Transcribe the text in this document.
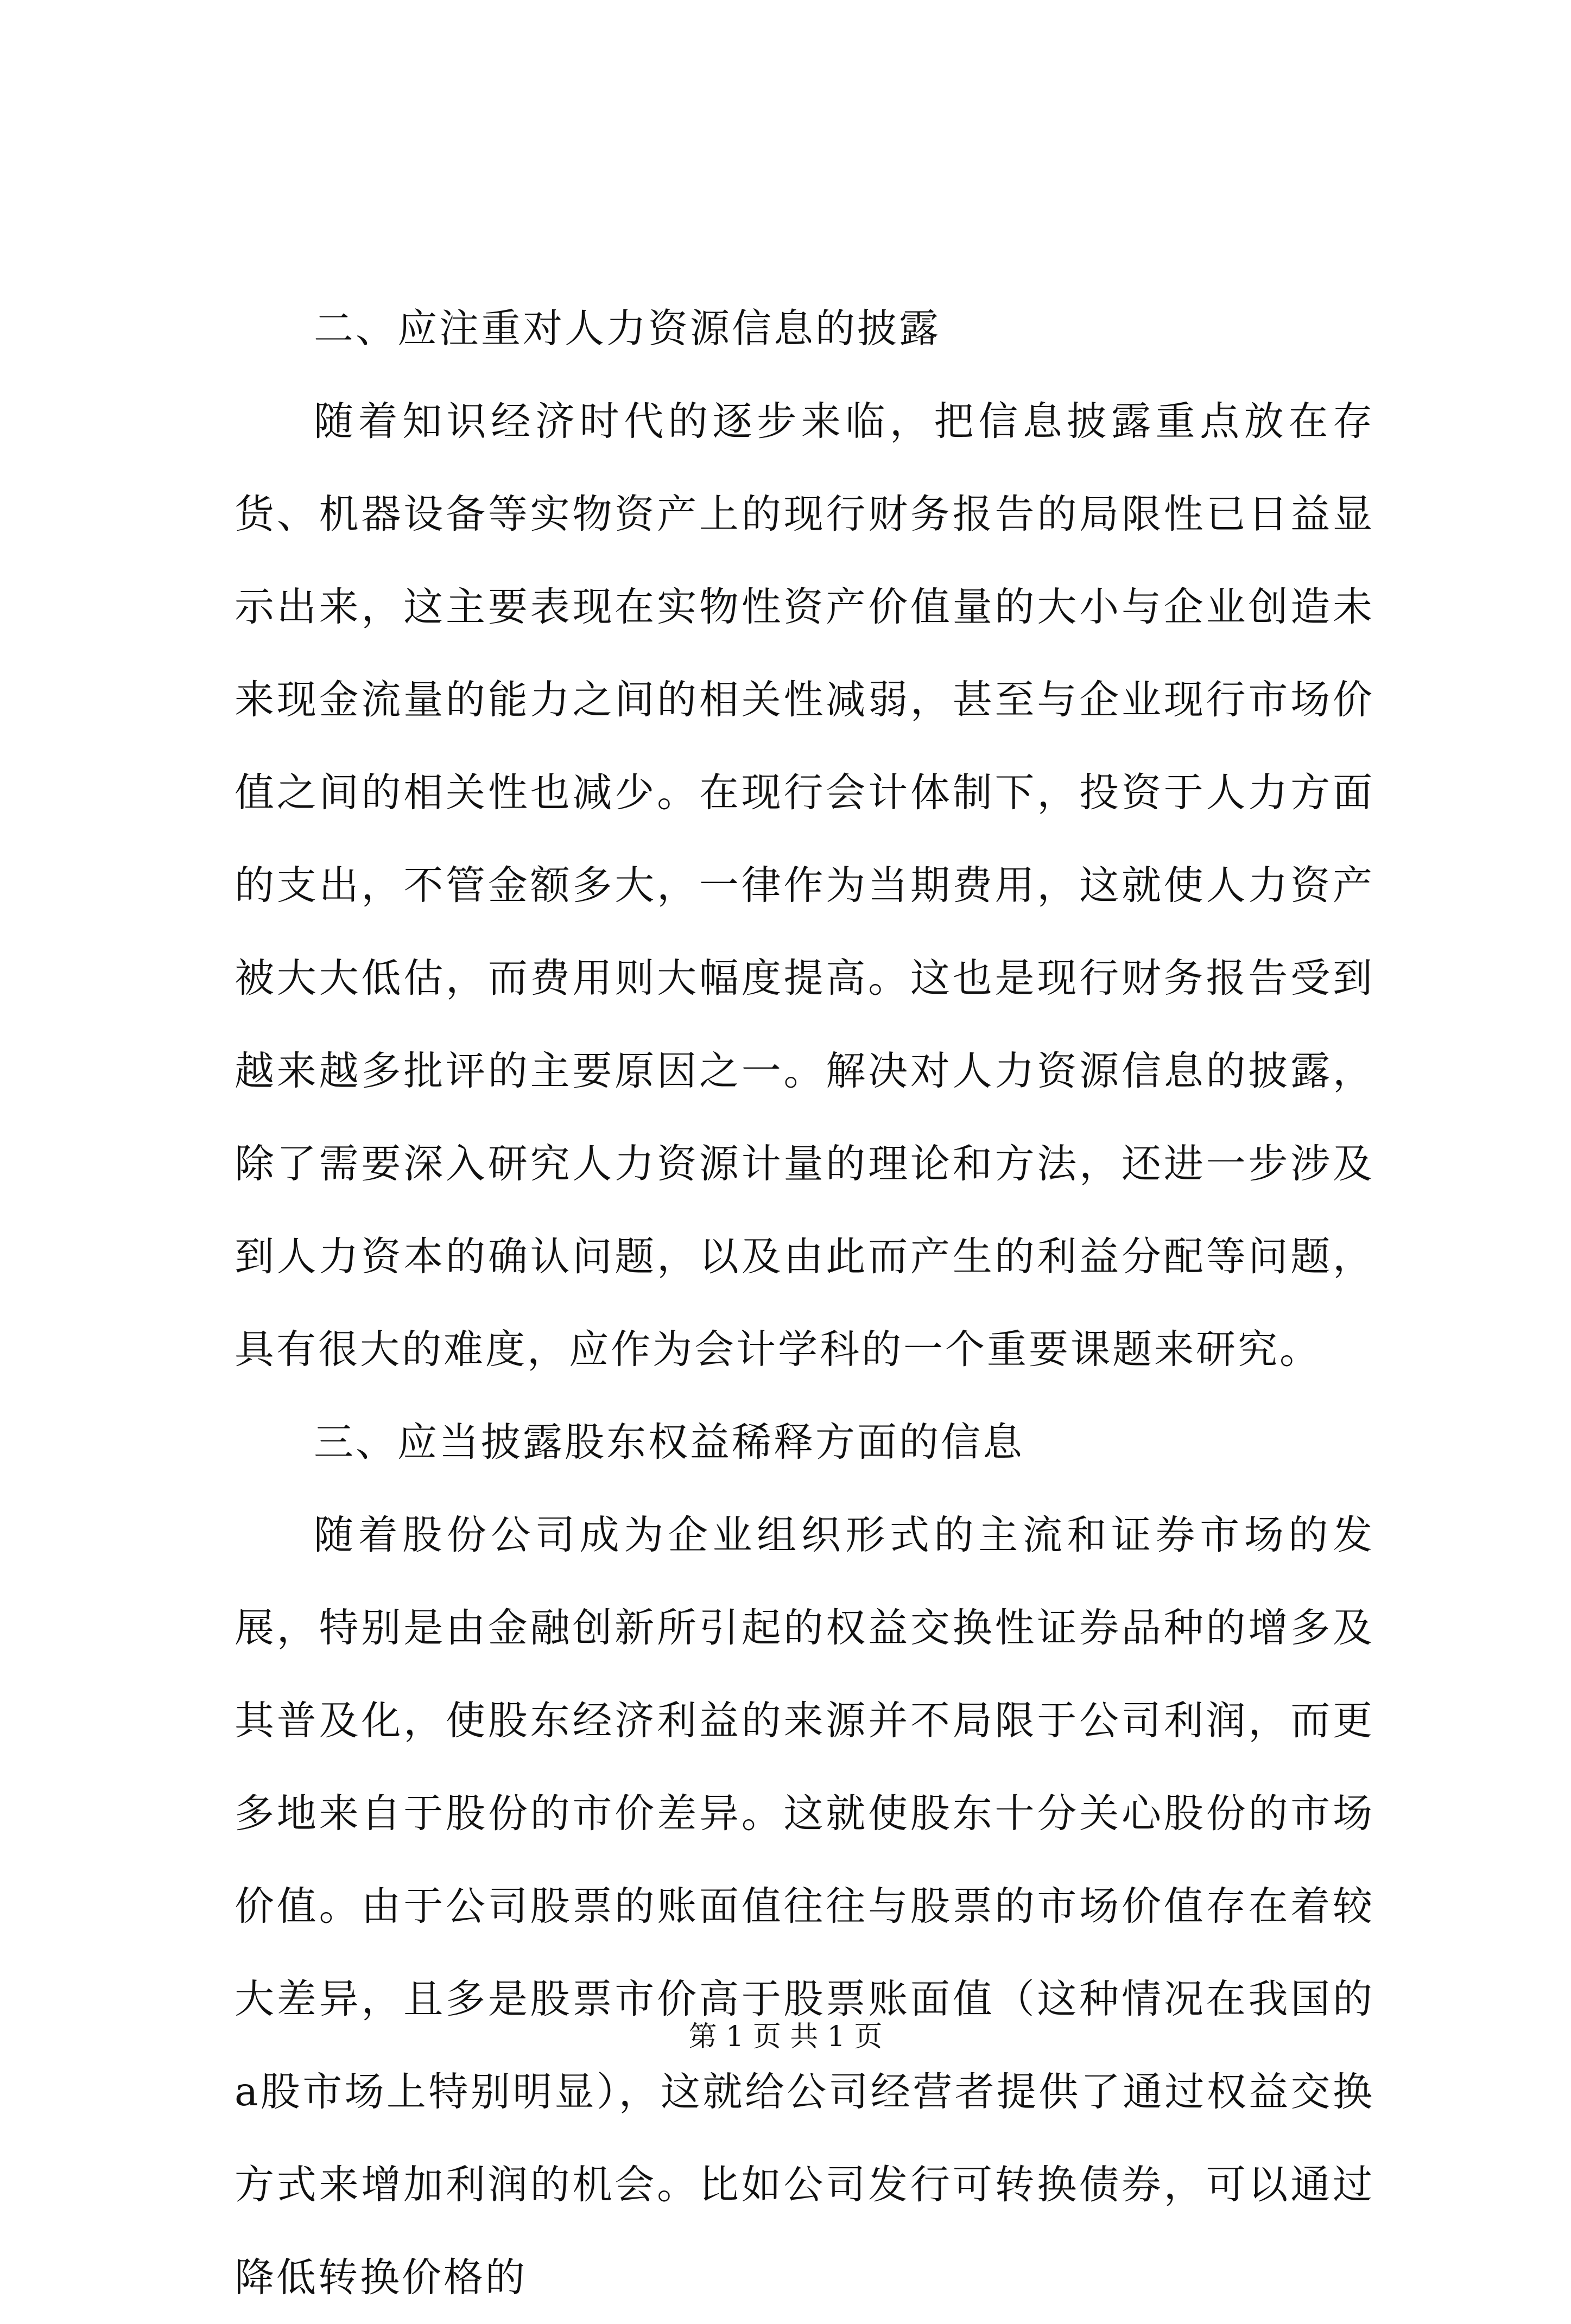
二、应注重对人力资源信息的披露

随着知识经济时代的逐步来临，把信息披露重点放在存货、机器设备等实物资产上的现行财务报告的局限性已日益显示出来，这主要表现在实物性资产价值量的大小与企业创造未来现金流量的能力之间的相关性减弱，甚至与企业现行市场价值之间的相关性也减少。在现行会计体制下，投资于人力方面的支出，不管金额多大，一律作为当期费用，这就使人力资产被大大低估，而费用则大幅度提高。这也是现行财务报告受到越来越多批评的主要原因之一。解决对人力资源信息的披露，除了需要深入研究人力资源计量的理论和方法，还进一步涉及到人力资本的确认问题，以及由此而产生的利益分配等问题，具有很大的难度，应作为会计学科的一个重要课题来研究。

三、应当披露股东权益稀释方面的信息

随着股份公司成为企业组织形式的主流和证券市场的发展，特别是由金融创新所引起的权益交换性证券品种的增多及其普及化，使股东经济利益的来源并不局限于公司利润，而更多地来自于股份的市价差异。这就使股东十分关心股份的市场价值。由于公司股票的账面值往往与股票的市场价值存在着较大差异，且多是股票市价高于股票账面值（这种情况在我国的a股市场上特别明显），这就给公司经营者提供了通过权益交换方式来增加利润的机会。比如公司发行可转换债券，可以通过降低转换价格的

第 1 页 共 1 页
